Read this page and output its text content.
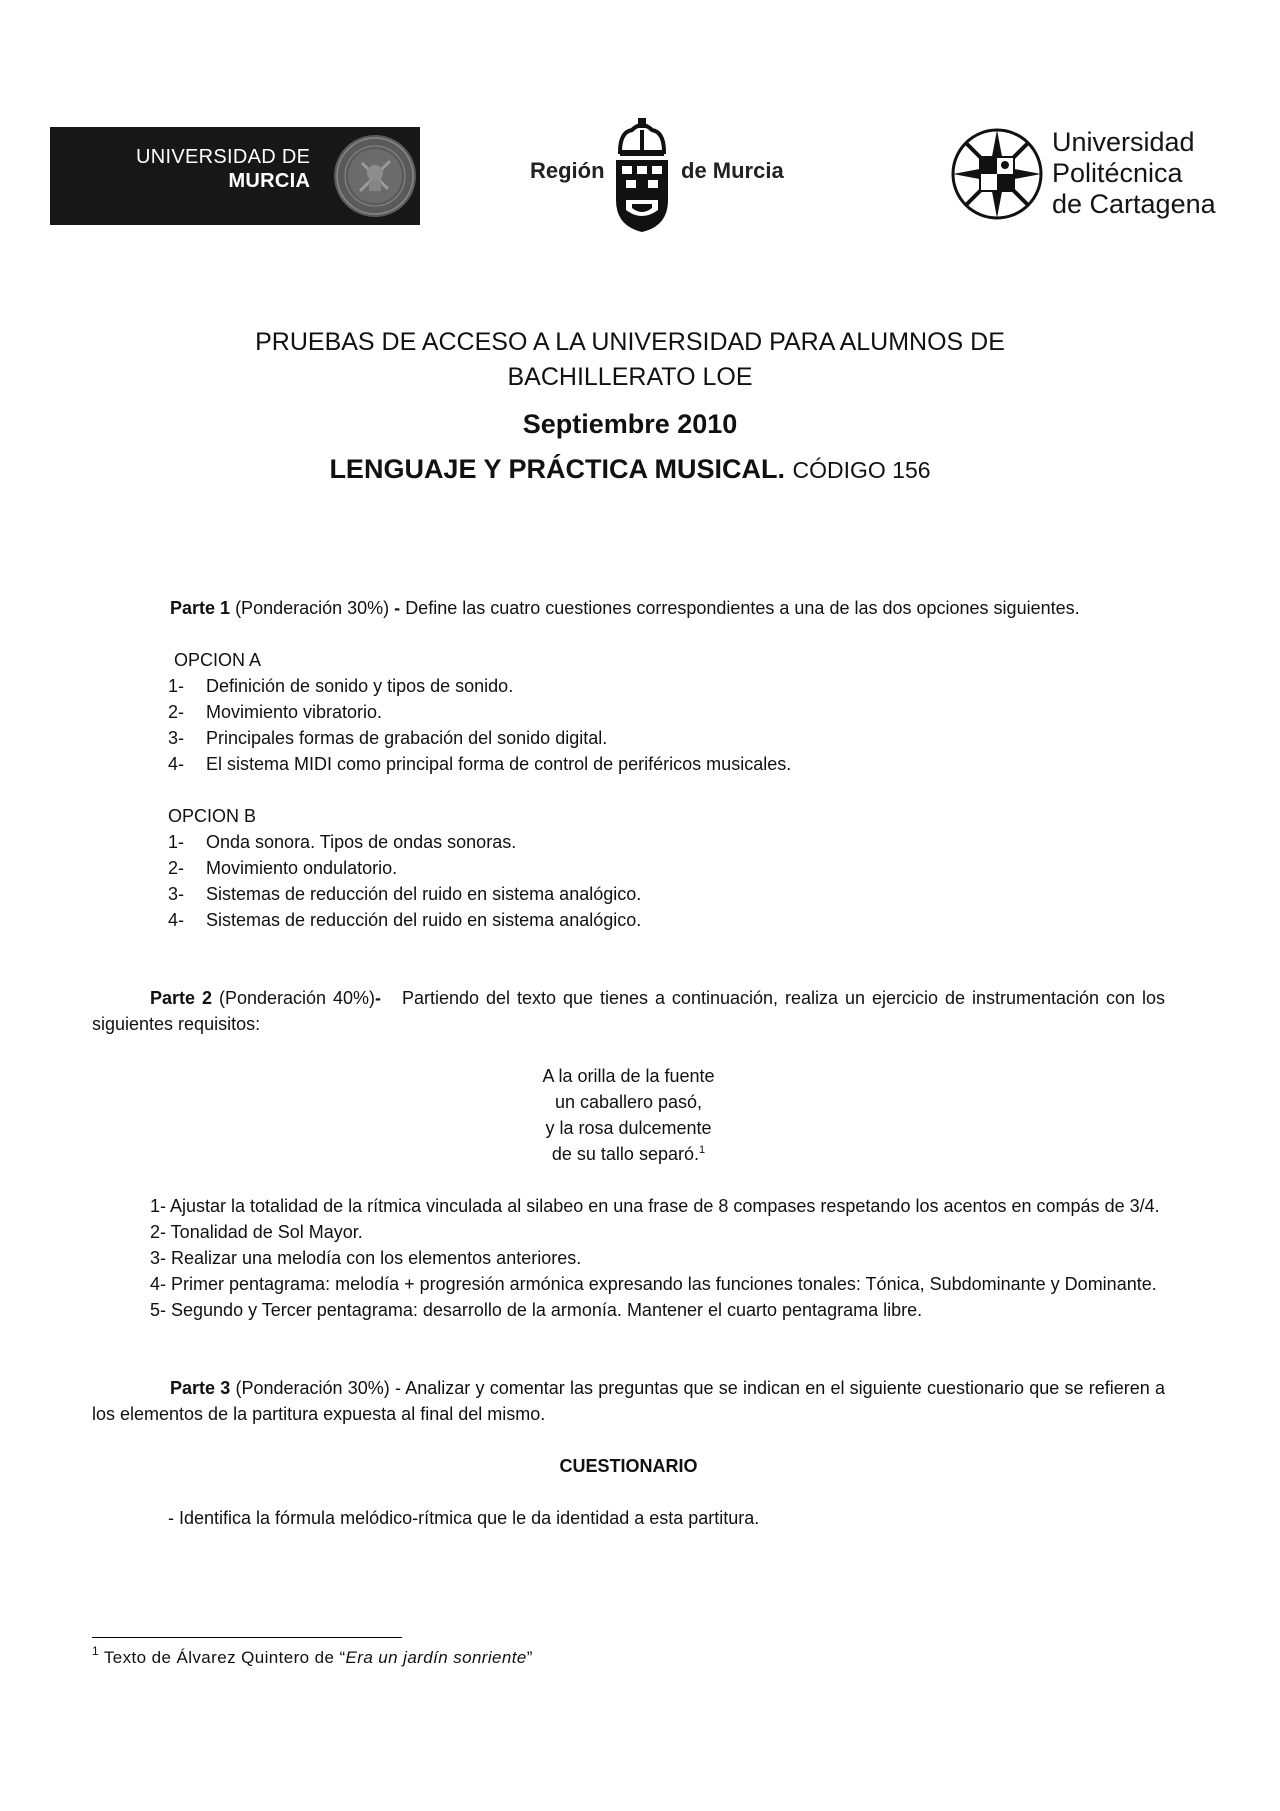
UNIVERSIDAD DE
MURCIA	Región	de Murcia
Universidad
Politécnica
de Cartagena
PRUEBAS DE ACCESO A LA UNIVERSIDAD PARA ALUMNOS DE
BACHILLERATO LOE
Septiembre 2010
LENGUAJE Y PRÁCTICA MUSICAL. CÓDIGO 156

Parte 1 (Ponderación 30%) - Define las cuatro cuestiones correspondientes a una de las dos opciones siguientes.

OPCION A

1- Definición de sonido y tipos de sonido.
2- Movimiento vibratorio.
3- Principales formas de grabación del sonido digital.
4- El sistema MIDI como principal forma de control de periféricos musicales.

OPCION B

1- Onda sonora. Tipos de ondas sonoras.
2- Movimiento ondulatorio.
3- Sistemas de reducción del ruido en sistema analógico.
4- Sistemas de reducción del ruido en sistema analógico.

Parte 2 (Ponderación 40%)- Partiendo del texto que tienes a continuación, realiza un ejercicio de instrumentación con los siguientes requisitos:

A la orilla de la fuente

un caballero pasó,

y la rosa dulcemente

de su tallo separó.$^1$

1- Ajustar la totalidad de la rítmica vinculada al silabeo en una frase de 8 compases respetando los acentos en compás de 3/4.

2- Tonalidad de Sol Mayor.

3- Realizar una melodía con los elementos anteriores.

4- Primer pentagrama: melodía + progresión armónica expresando las funciones tonales: Tónica, Subdominante y Dominante.

5- Segundo y Tercer pentagrama: desarrollo de la armonía. Mantener el cuarto pentagrama libre.

Parte 3 (Ponderación 30%) - Analizar y comentar las preguntas que se indican en el siguiente cuestionario que se refieren a los elementos de la partitura expuesta al final del mismo.

CUESTIONARIO

- Identifica la fórmula melódico-rítmica que le da identidad a esta partitura.

$^1$ Texto de Álvarez Quintero de “Era un jardín sonriente”
